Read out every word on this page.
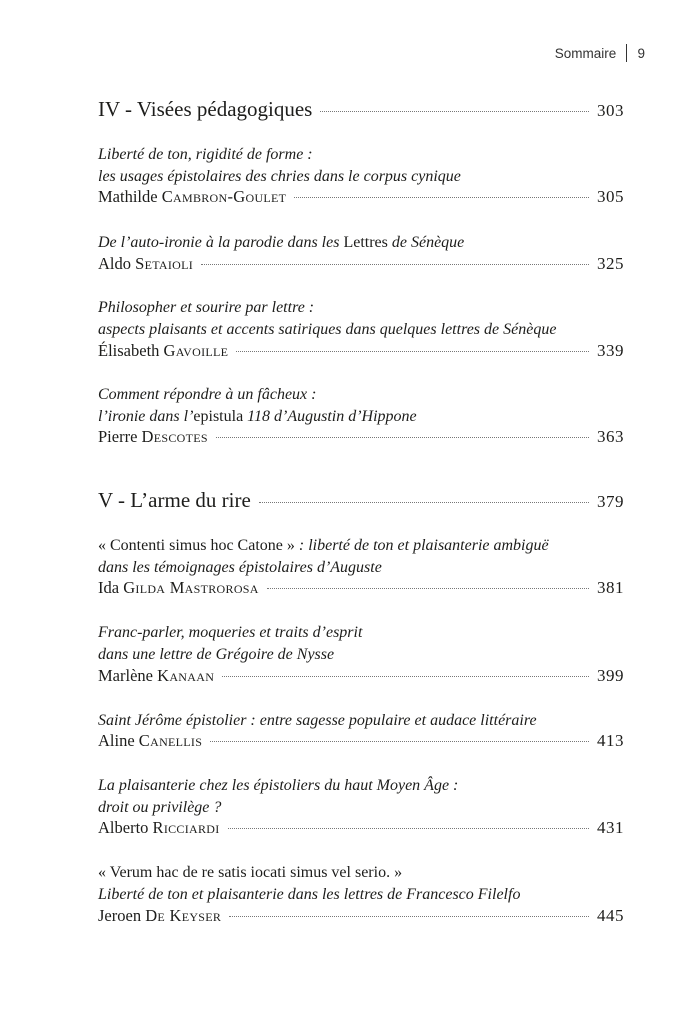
Sommaire 9
IV - Visées pédagogiques	303
Liberté de ton, rigidité de forme :
les usages épistolaires des chries dans le corpus cynique
Mathilde Cambron-Goulet	305
De l’auto-ironie à la parodie dans les Lettres de Sénèque
Aldo Setaioli	325
Philosopher et sourire par lettre :
aspects plaisants et accents satiriques dans quelques lettres de Sénèque
Élisabeth Gavoille	339
Comment répondre à un fâcheux :
l’ironie dans l’epistula 118 d’Augustin d’Hippone
Pierre Descotes	363
V - L’arme du rire	379
« Contenti simus hoc Catone » : liberté de ton et plaisanterie ambiguë
dans les témoignages épistolaires d’Auguste
Ida Gilda Mastrorosa	381
Franc-parler, moqueries et traits d’esprit
dans une lettre de Grégoire de Nysse
Marlène Kanaan	399
Saint Jérôme épistolier : entre sagesse populaire et audace littéraire
Aline Canellis	413
La plaisanterie chez les épistoliers du haut Moyen Âge :
droit ou privilège ?
Alberto Ricciardi	431
« Verum hac de re satis iocati simus vel serio. »
Liberté de ton et plaisanterie dans les lettres de Francesco Filelfo
Jeroen De Keyser	445
